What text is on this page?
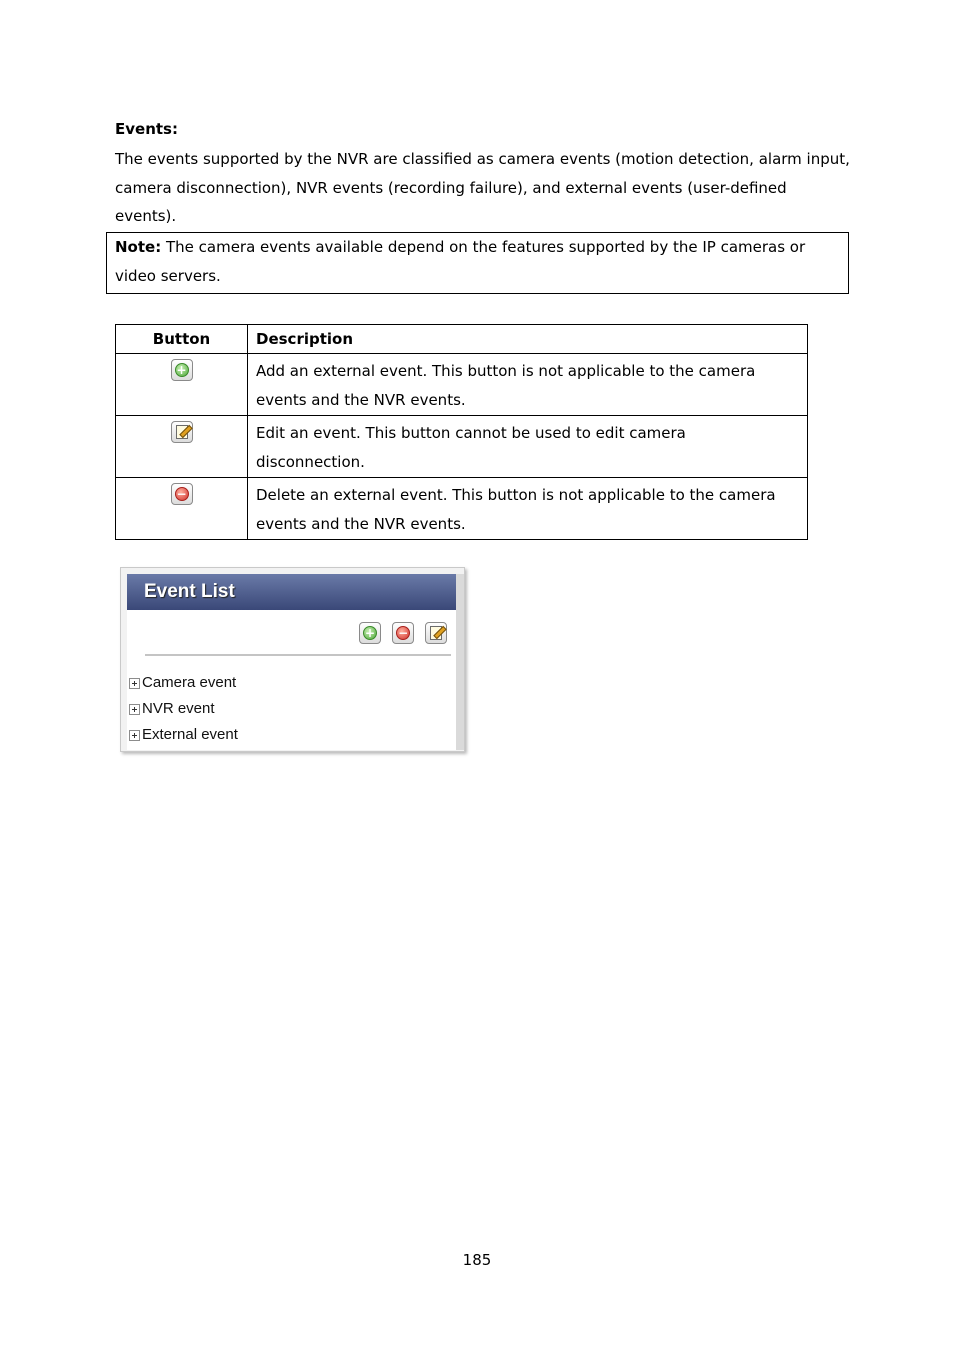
Events:
The events supported by the NVR are classified as camera events (motion detection, alarm input, camera disconnection), NVR events (recording failure), and external events (user-defined events).
Note: The camera events available depend on the features supported by the IP cameras or video servers.
Button	Description

+	Add an external event. This button is not applicable to the camera events and the NVR events.

	Edit an event. This button cannot be used to edit camera disconnection.

−	Delete an external event. This button is not applicable to the camera events and the NVR events.
Event List
+
−

Camera event
NVR event
External event
185
